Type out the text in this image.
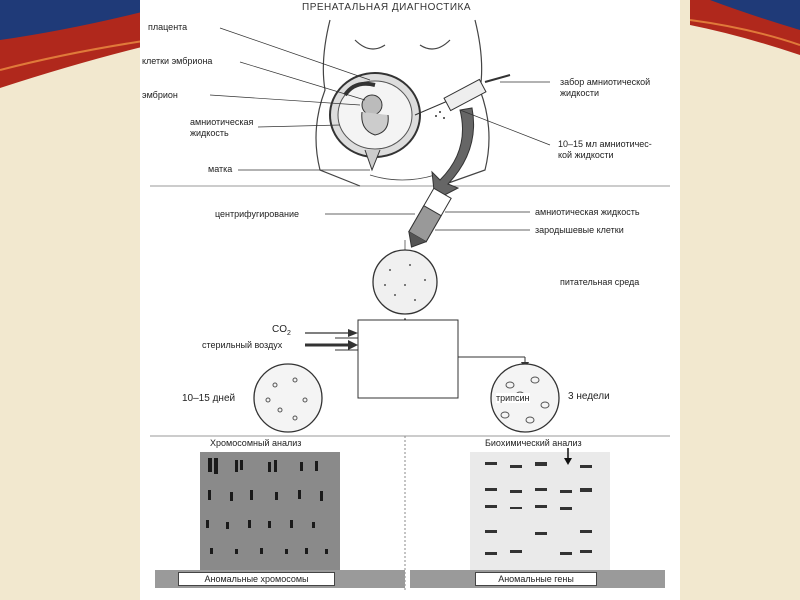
ПРЕНАТАЛЬНАЯ ДИАГНОСТИКА
плацента
клетки эмбриона
эмбрион
амниотическая
жидкость
матка
забор амниотической
жидкости
10–15 мл амниотичес-
кой жидкости
центрифугирование	амниотическая жидкость
зародышевые клетки
питательная среда
$CO_2$
стерильный воздух
10–15 дней	трипсин	3 недели
Хромосомный анализ	Биохимический анализ
Аномальные хромосомы	Аномальные гены
